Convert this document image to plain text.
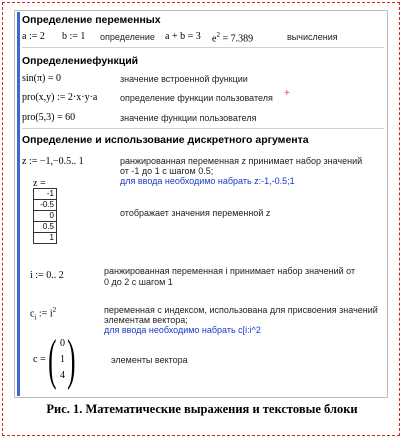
Определение переменных
a := 2 b := 1 определение a + b = 3 $e^2 = 7.389$	вычисления
Определениефункций
sin(π) = 0	значение встроенной функции
pro(x,y) := 2·x·y·a	определение функции пользователя +
pro(5,3) = 60	значение функции пользователя
Определение и использование дискретного аргумента
z := −1,−0.5.. 1	ранжированная переменная z принимает набор значений
от -1 до 1 с шагом 0.5;
для ввода необходимо набрать z:-1,-0.5;1
z =
-1
-0.5
0
0.5
1
отображает значения переменной z
i := 0.. 2	ранжированная переменная i принимает набор значений от
0 до 2 с шагом 1
$c_i$ := $i^2$	переменная с индексом, использована для присвоения значений
элементам вектора;
для ввода необходимо набрать c[i:i^2
c = ( )
0
1
4
элементы вектора
Рис. 1. Математические выражения и текстовые блоки
